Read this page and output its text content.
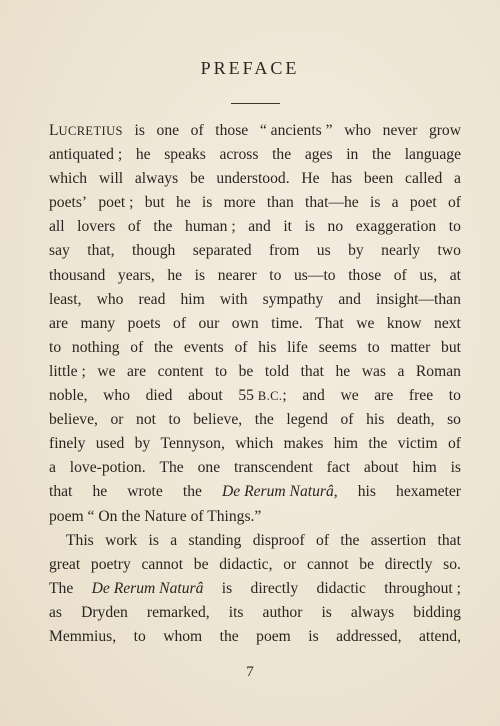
PREFACE
LUCRETIUS is one of those “ ancients ” who never grow
antiquated ; he speaks across the ages in the language
which will always be understood. He has been called a
poets’ poet ; but he is more than that—he is a poet of
all lovers of the human ; and it is no exaggeration to
say that, though separated from us by nearly two
thousand years, he is nearer to us—to those of us, at
least, who read him with sympathy and insight—than
are many poets of our own time. That we know next
to nothing of the events of his life seems to matter but
little ; we are content to be told that he was a Roman
noble, who died about 55 B.C.; and we are free to
believe, or not to believe, the legend of his death, so
finely used by Tennyson, which makes him the victim of
a love-potion. The one transcendent fact about him is
that he wrote the De Rerum Naturâ, his hexameter
poem “ On the Nature of Things.”
This work is a standing disproof of the assertion that
great poetry cannot be didactic, or cannot be directly so.
The De Rerum Naturâ is directly didactic throughout ;
as Dryden remarked, its author is always bidding
Memmius, to whom the poem is addressed, attend,
7
